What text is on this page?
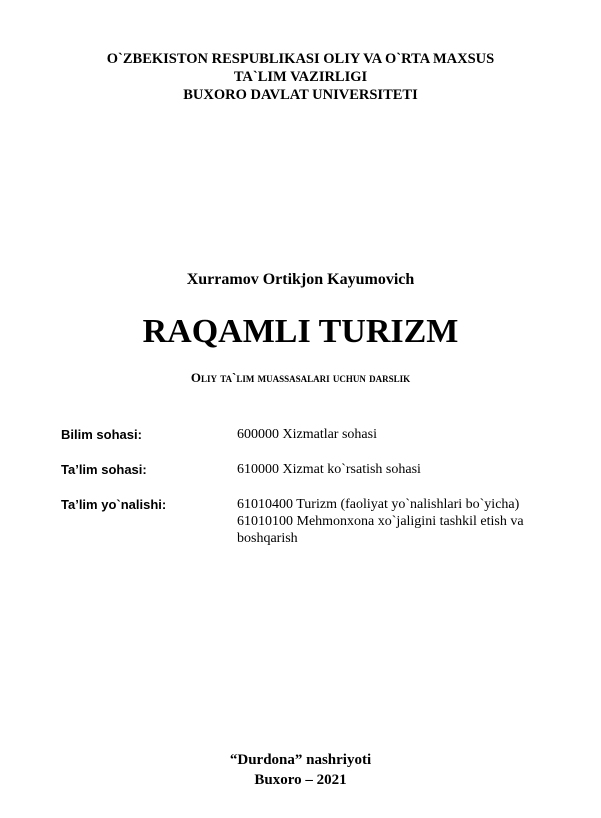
O`ZBEKISTON RESPUBLIKASI OLIY VA O`RTA MAXSUS
TA`LIM VAZIRLIGI
BUXORO DAVLAT UNIVERSITETI
Xurramov Ortikjon Kayumovich
RAQAMLI TURIZM
Oliy ta`lim muassasalari uchun darslik
Bilim sohasi:	600000 Xizmatlar sohasi
Ta’lim sohasi:	610000 Xizmat ko`rsatish sohasi
Ta’lim yo`nalishi:	61010400 Turizm (faoliyat yo`nalishlari bo`yicha)
61010100 Mehmonxona xo`jaligini tashkil etish va boshqarish
“Durdona” nashriyoti
Buxoro – 2021
